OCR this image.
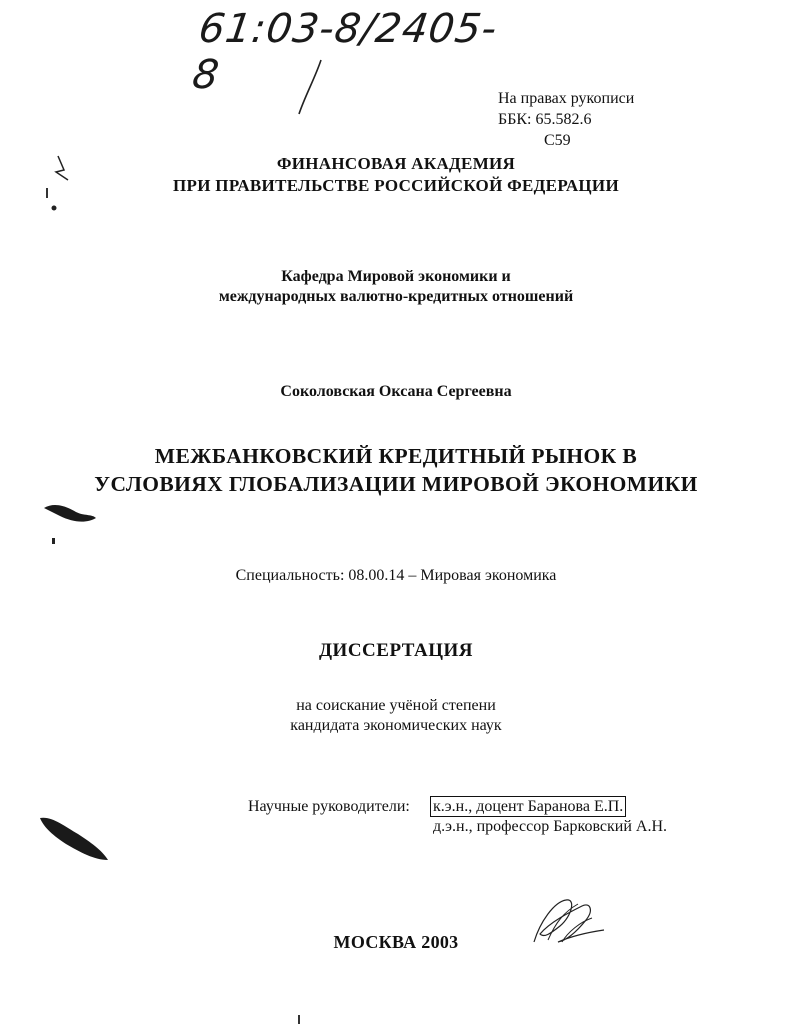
61:03-8/2405-8
На правах рукописи
ББК: 65.582.6
С59
ФИНАНСОВАЯ АКАДЕМИЯ
ПРИ ПРАВИТЕЛЬСТВЕ РОССИЙСКОЙ ФЕДЕРАЦИИ
Кафедра Мировой экономики и
международных валютно-кредитных отношений
Соколовская Оксана Сергеевна
МЕЖБАНКОВСКИЙ КРЕДИТНЫЙ РЫНОК В
УСЛОВИЯХ ГЛОБАЛИЗАЦИИ МИРОВОЙ ЭКОНОМИКИ
Специальность: 08.00.14 – Мировая экономика
ДИССЕРТАЦИЯ
на соискание учёной степени
кандидата экономических наук
Научные руководители: к.э.н., доцент Баранова Е.П.
д.э.н., профессор Барковский А.Н.
МОСКВА 2003
